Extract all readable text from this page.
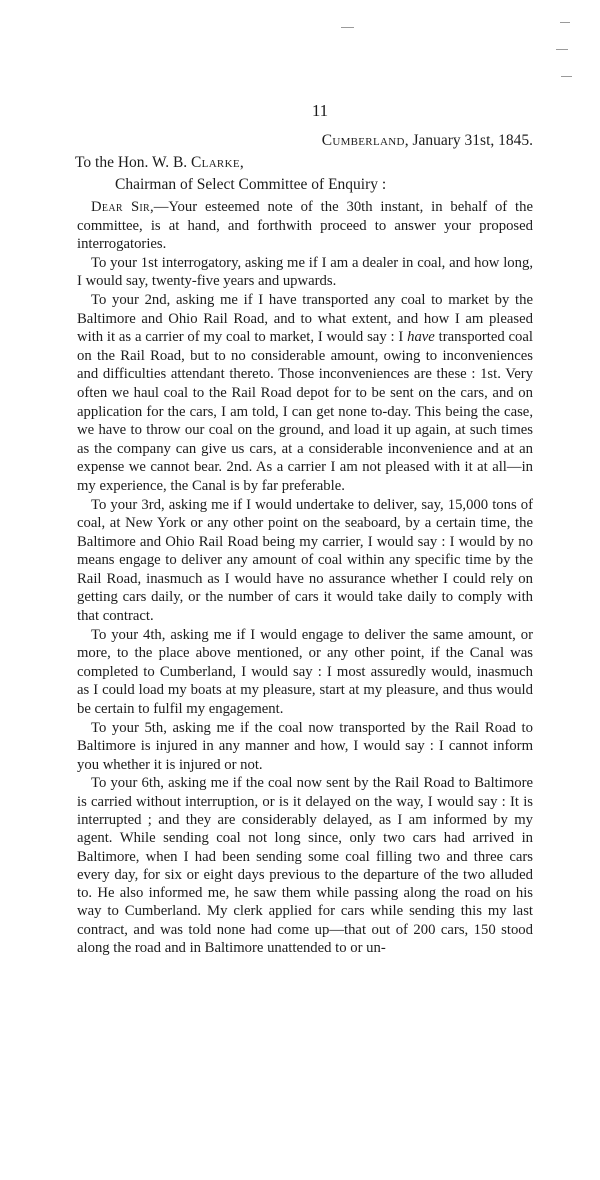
11
Cumberland, January 31st, 1845.
To the Hon. W. B. Clarke,
Chairman of Select Committee of Enquiry :

Dear Sir,—Your esteemed note of the 30th instant, in behalf of the committee, is at hand, and forthwith proceed to answer your proposed interrogatories.

To your 1st interrogatory, asking me if I am a dealer in coal, and how long, I would say, twenty-five years and upwards.

To your 2nd, asking me if I have transported any coal to market by the Baltimore and Ohio Rail Road, and to what extent, and how I am pleased with it as a carrier of my coal to market, I would say : I have transported coal on the Rail Road, but to no considerable amount, owing to inconveniences and difficulties attendant thereto. Those inconveniences are these : 1st. Very often we haul coal to the Rail Road depot for to be sent on the cars, and on application for the cars, I am told, I can get none to-day. This being the case, we have to throw our coal on the ground, and load it up again, at such times as the company can give us cars, at a considerable inconvenience and at an expense we cannot bear. 2nd. As a carrier I am not pleased with it at all—in my experience, the Canal is by far preferable.

To your 3rd, asking me if I would undertake to deliver, say, 15,000 tons of coal, at New York or any other point on the seaboard, by a certain time, the Baltimore and Ohio Rail Road being my carrier, I would say : I would by no means engage to deliver any amount of coal within any specific time by the Rail Road, inasmuch as I would have no assurance whether I could rely on getting cars daily, or the number of cars it would take daily to comply with that contract.

To your 4th, asking me if I would engage to deliver the same amount, or more, to the place above mentioned, or any other point, if the Canal was completed to Cumberland, I would say : I most assuredly would, inasmuch as I could load my boats at my pleasure, start at my pleasure, and thus would be certain to fulfil my engagement.

To your 5th, asking me if the coal now transported by the Rail Road to Baltimore is injured in any manner and how, I would say : I cannot inform you whether it is injured or not.

To your 6th, asking me if the coal now sent by the Rail Road to Baltimore is carried without interruption, or is it delayed on the way, I would say : It is interrupted ; and they are considerably delayed, as I am informed by my agent. While sending coal not long since, only two cars had arrived in Baltimore, when I had been sending some coal filling two and three cars every day, for six or eight days previous to the departure of the two alluded to. He also informed me, he saw them while passing along the road on his way to Cumberland. My clerk applied for cars while sending this my last contract, and was told none had come up—that out of 200 cars, 150 stood along the road and in Baltimore unattended to or un-
